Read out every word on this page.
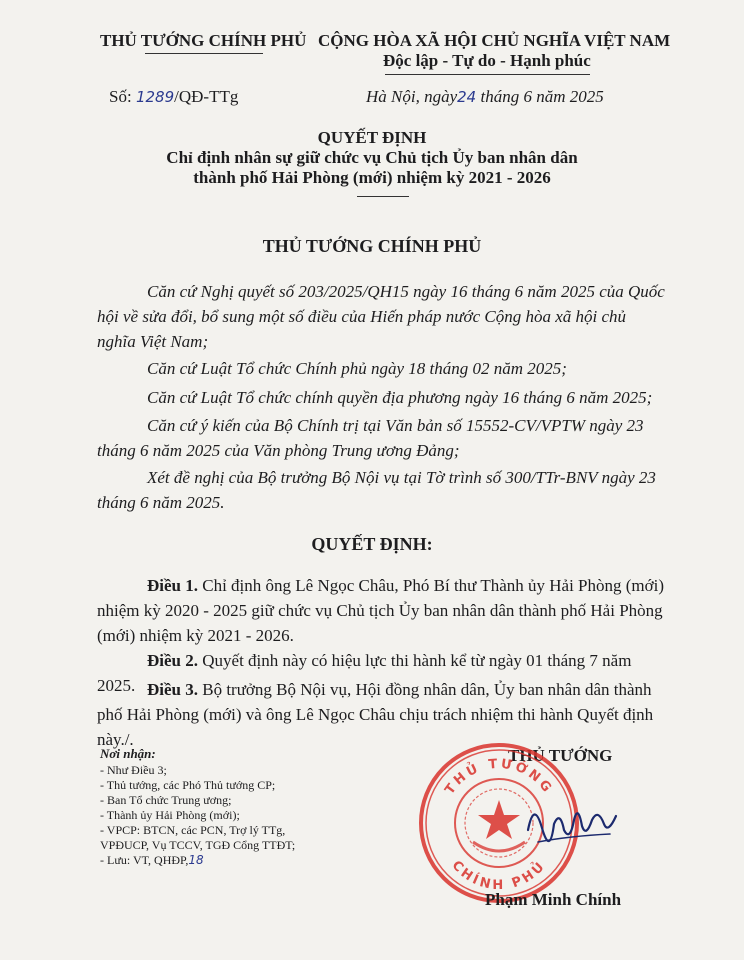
THỦ TƯỚNG CHÍNH PHỦ CỘNG HÒA XÃ HỘI CHỦ NGHĨA VIỆT NAM
Độc lập - Tự do - Hạnh phúc
Số: 1289/QĐ-TTg	Hà Nội, ngày24 tháng 6 năm 2025
QUYẾT ĐỊNH
Chỉ định nhân sự giữ chức vụ Chủ tịch Ủy ban nhân dân
thành phố Hải Phòng (mới) nhiệm kỳ 2021 - 2026
THỦ TƯỚNG CHÍNH PHỦ
Căn cứ Nghị quyết số 203/2025/QH15 ngày 16 tháng 6 năm 2025 của Quốc hội về sửa đổi, bổ sung một số điều của Hiến pháp nước Cộng hòa xã hội chủ nghĩa Việt Nam;
Căn cứ Luật Tổ chức Chính phủ ngày 18 tháng 02 năm 2025;
Căn cứ Luật Tổ chức chính quyền địa phương ngày 16 tháng 6 năm 2025;
Căn cứ ý kiến của Bộ Chính trị tại Văn bản số 15552-CV/VPTW ngày 23 tháng 6 năm 2025 của Văn phòng Trung ương Đảng;
Xét đề nghị của Bộ trưởng Bộ Nội vụ tại Tờ trình số 300/TTr-BNV ngày 23 tháng 6 năm 2025.
QUYẾT ĐỊNH:
Điều 1. Chỉ định ông Lê Ngọc Châu, Phó Bí thư Thành ủy Hải Phòng (mới) nhiệm kỳ 2020 - 2025 giữ chức vụ Chủ tịch Ủy ban nhân dân thành phố Hải Phòng (mới) nhiệm kỳ 2021 - 2026.
Điều 2. Quyết định này có hiệu lực thi hành kể từ ngày 01 tháng 7 năm 2025. Điều 3. Bộ trưởng Bộ Nội vụ, Hội đồng nhân dân, Ủy ban nhân dân thành phố Hải Phòng (mới) và ông Lê Ngọc Châu chịu trách nhiệm thi hành Quyết định này./.
Nơi nhận:
- Như Điều 3;
- Thủ tướng, các Phó Thủ tướng CP;
- Ban Tổ chức Trung ương;
- Thành ủy Hải Phòng (mới);
- VPCP: BTCN, các PCN, Trợ lý TTg,
VPĐUCP, Vụ TCCV, TGĐ Cổng TTĐT;
- Lưu: VT, QHĐP,18
THỦ TƯỚNG
THỦ TƯỚNG
CHÍNH PHỦ
Phạm Minh Chính
